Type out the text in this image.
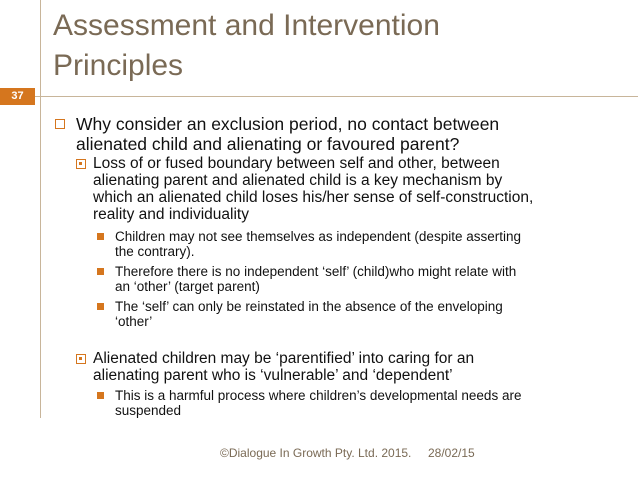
37
Assessment and Intervention
Principles
Why consider an exclusion period, no contact between
alienated child and alienating or favoured parent?
Loss of or fused boundary between self and other, between
alienating parent and alienated child is a key mechanism by
which an alienated child loses his/her sense of self-construction,
reality and individuality
Children may not see themselves as independent (despite asserting
the contrary).
Therefore there is no independent ‘self’ (child)who might relate with
an ‘other’ (target parent)
The ‘self’ can only be reinstated in the absence of the enveloping
‘other’
Alienated children may be ‘parentified’ into caring for an
alienating parent who is ‘vulnerable’ and ‘dependent’
This is a harmful process where children’s developmental needs are
suspended
©Dialogue In Growth Pty. Ltd. 2015. 28/02/15
